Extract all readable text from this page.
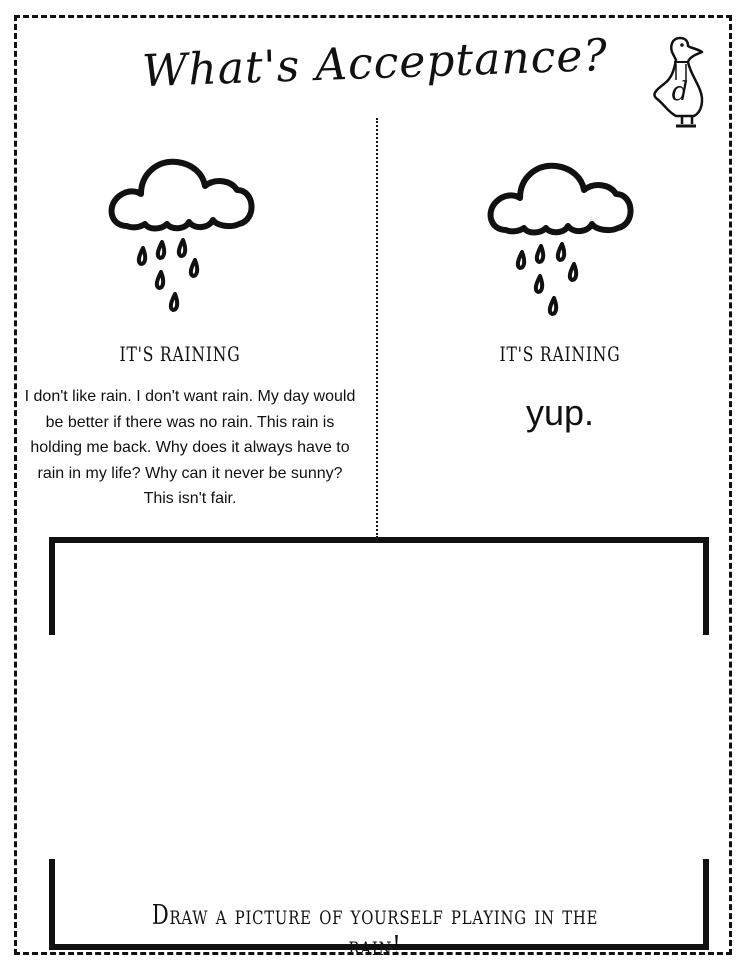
What's Acceptance?	d
IT'S RAINING	IT'S RAINING
I don't like rain. I don't want rain. My day would be better if there was no rain. This rain is holding me back. Why does it always have to rain in my life? Why can it never be sunny? This isn't fair.
yup.
Draw a picture of yourself playing in the rain!
